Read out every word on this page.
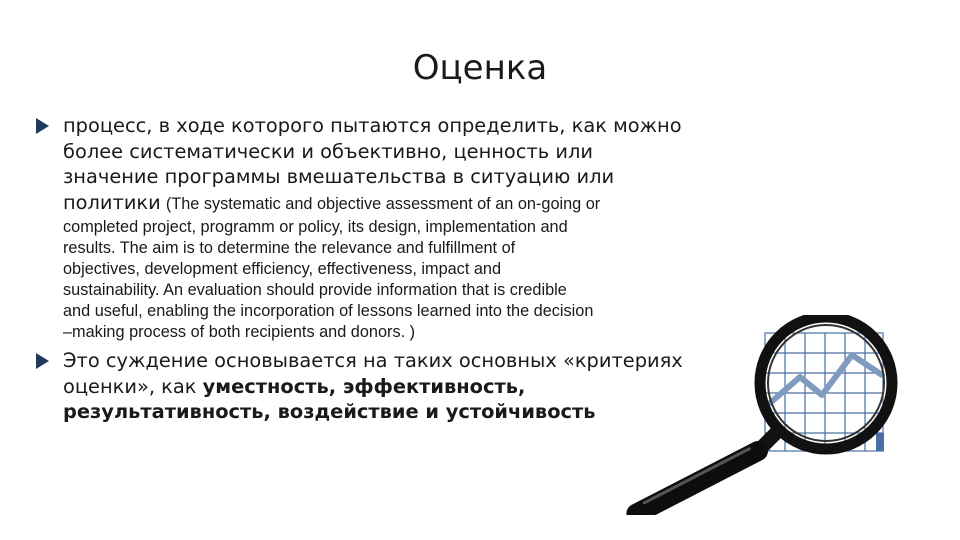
Оценка
процесс, в ходе которого пытаются определить, как можно
более систематически и объективно, ценность или
значение программы вмешательства в ситуацию или
политики (The systematic and objective assessment of an on-going or
completed project, programm or policy, its design, implementation and
results. The aim is to determine the relevance and fulfillment of
objectives, development efficiency, effectiveness, impact and
sustainability. An evaluation should provide information that is credible
and useful, enabling the incorporation of lessons learned into the decision
–making process of both recipients and donors. )
Это суждение основывается на таких основных «критериях
оценки», как уместность, эффективность,
результативность, воздействие и устойчивость
